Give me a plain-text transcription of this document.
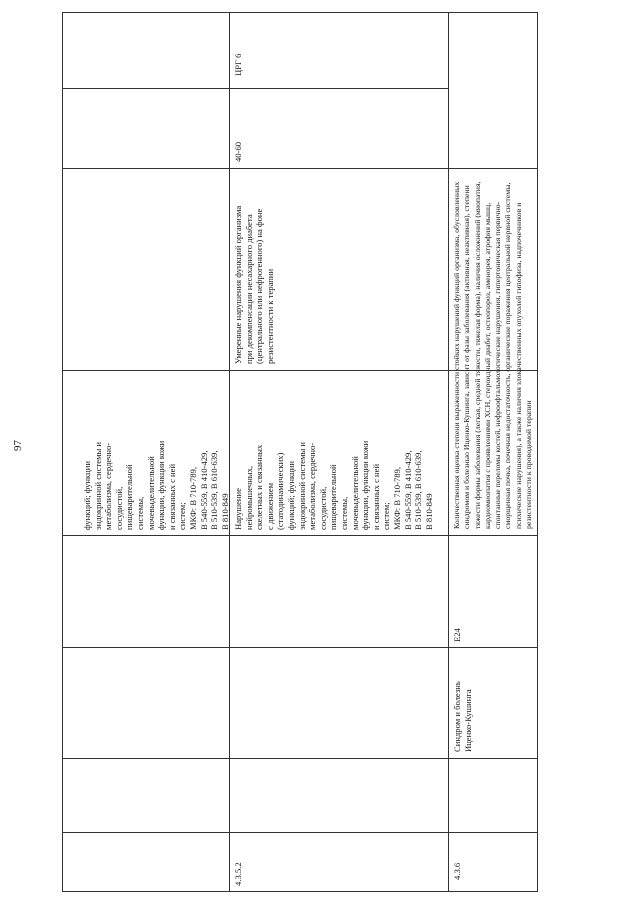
97
функций; функции
эндокринной системы и
метаболизма, сердечно-
сосудистой,
пищеварительной
системы,
мочевыделительной
функции, функции кожи
и связанных с ней
систем;
МКФ: В 710-789,
В 540-559, В 410-429,
В 510-539, В 610-639,
В 810-849
4.3.5.2
Нарушение
нейромышечных,
скелетных и связанных
с движением
(статодинамических)
функций; функции
эндокринной системы и
метаболизма, сердечно-
сосудистой,
пищеварительной
системы,
мочевыделительной
функции, функции кожи
и связанных с ней
систем;
МКФ: В 710-789,
В 540-559, В 410-429,
В 510-539, В 610-639,
В 810-849
Умеренные нарушения функций организма
при декомпенсации несахарного диабета
(центрального или нефрогенного) на фоне
резистентности к терапии
40-60
ЦРГ 6
4.3.6
Синдром и болезнь
Иценко-Кушинга
E24
Количественная оценка степени выраженности стойких нарушений функций организма, обусловленных
синдромом и болезнью Иценко-Кушинга, зависит от фазы заболевания (активная, неактивная), степени
тяжести формы заболевания (легкая, средней тяжести, тяжелая форма), наличия осложнений (миопатия,
кардиомиопатия с проявлениями ХСН, стероидный диабет, остеопороз, аменорея, атрофия мышц,
спонтанные переломы костей, нефроофтальмологические нарушения, гипертоническая первично-
сморщенная почка, почечная недостаточность, органические поражения центральной нервной системы,
психические нарушения), а также наличия злокачественных опухолей гипофиза, надпочечников и
резистентности к проводимой терапии
